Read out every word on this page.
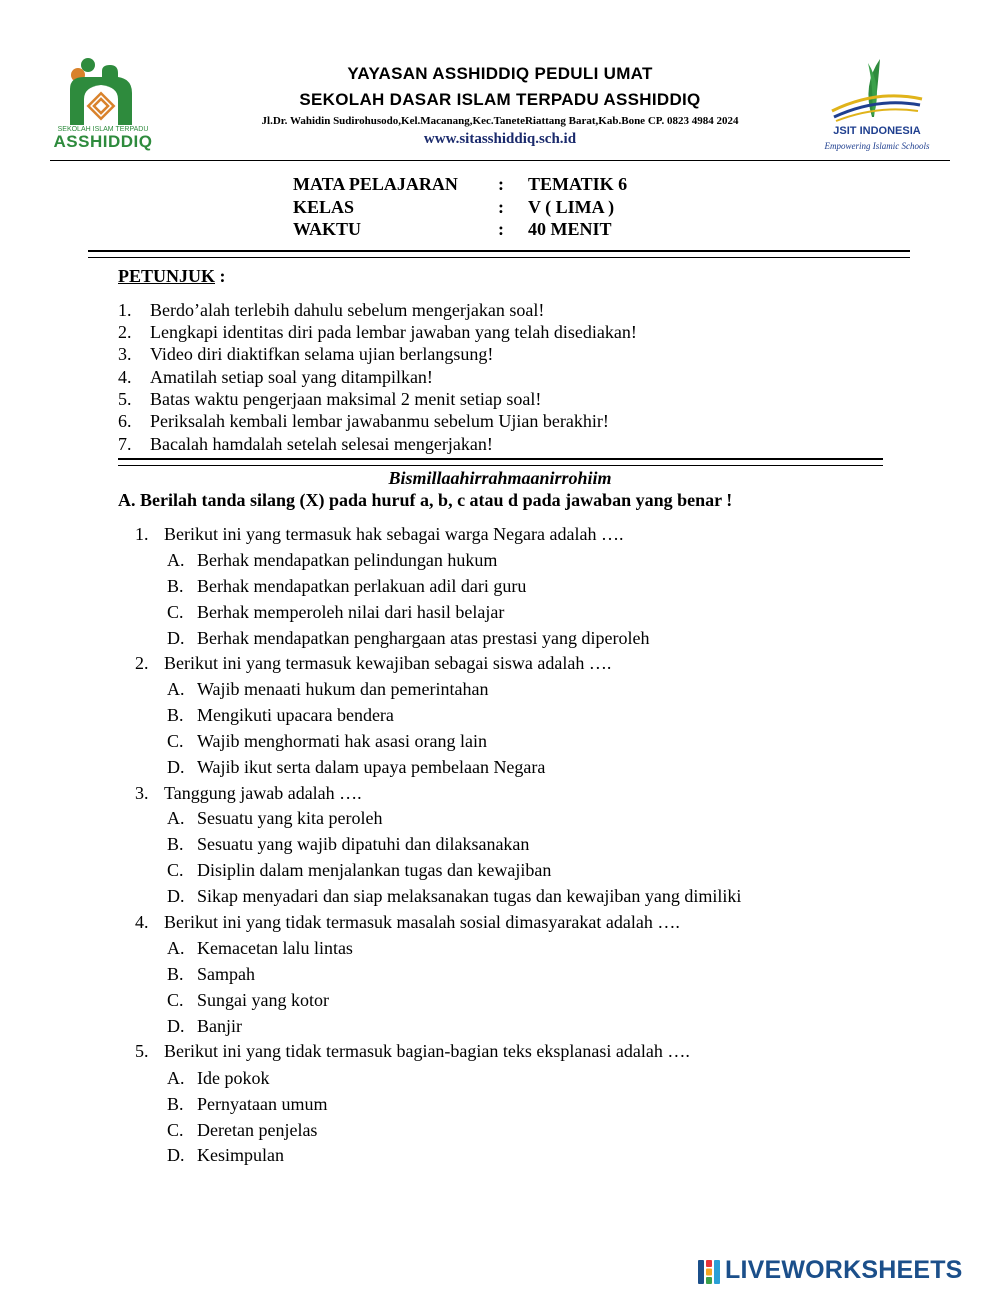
SEKOLAH ISLAM TERPADU
ASSHIDDIQ
YAYASAN ASSHIDDIQ PEDULI UMAT
SEKOLAH DASAR ISLAM TERPADU ASSHIDDIQ
Jl.Dr. Wahidin Sudirohusodo,Kel.Macanang,Kec.TaneteRiattang Barat,Kab.Bone CP. 0823 4984 2024
www.sitasshiddiq.sch.id	JSIT INDONESIA
Empowering Islamic Schools
MATA PELAJARAN	:	TEMATIK 6
KELAS	:	V ( LIMA )
WAKTU	:	40 MENIT
PETUNJUK :
1. Berdo’alah terlebih dahulu sebelum mengerjakan soal!
2. Lengkapi identitas diri pada lembar jawaban yang telah disediakan!
3. Video diri diaktifkan selama ujian berlangsung!
4. Amatilah setiap soal yang ditampilkan!
5. Batas waktu pengerjaan maksimal 2 menit setiap soal!
6. Periksalah kembali lembar jawabanmu sebelum Ujian berakhir!
7. Bacalah hamdalah setelah selesai mengerjakan!
Bismillaahirrahmaanirrohiim
A. Berilah tanda silang (X) pada huruf a, b, c atau d pada jawaban yang benar !
1. Berikut ini yang termasuk hak sebagai warga Negara adalah ….
A. Berhak mendapatkan pelindungan hukum
B. Berhak mendapatkan perlakuan adil dari guru
C. Berhak memperoleh nilai dari hasil belajar
D. Berhak mendapatkan penghargaan atas prestasi yang diperoleh
2. Berikut ini yang termasuk kewajiban sebagai siswa adalah ….
A. Wajib menaati hukum dan pemerintahan
B. Mengikuti upacara bendera
C. Wajib menghormati hak asasi orang lain
D. Wajib ikut serta dalam upaya pembelaan Negara
3. Tanggung jawab adalah ….
A. Sesuatu yang kita peroleh
B. Sesuatu yang wajib dipatuhi dan dilaksanakan
C. Disiplin dalam menjalankan tugas dan kewajiban
D. Sikap menyadari dan siap melaksanakan tugas dan kewajiban yang dimiliki
4. Berikut ini yang tidak termasuk masalah sosial dimasyarakat adalah ….
A. Kemacetan lalu lintas
B. Sampah
C. Sungai yang kotor
D. Banjir
5. Berikut ini yang tidak termasuk bagian-bagian teks eksplanasi adalah ….
A. Ide pokok
B. Pernyataan umum
C. Deretan penjelas
D. Kesimpulan
LIVEWORKSHEETS
